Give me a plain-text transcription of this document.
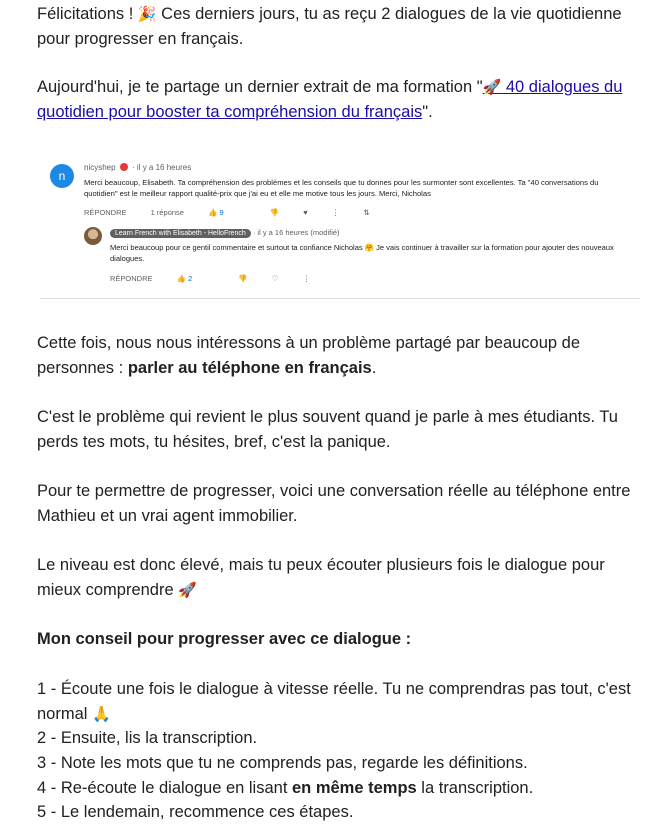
Félicitations ! 🎉 Ces derniers jours, tu as reçu 2 dialogues de la vie quotidienne pour progresser en français.

Aujourd'hui, je te partage un dernier extrait de ma formation "🚀 40 dialogues du quotidien pour booster ta compréhension du français".

n
nicyshep · il y a 16 heures
Merci beaucoup, Elisabeth. Ta compréhension des problèmes et les conseils que tu donnes pour les surmonter sont excellentes. Ta "40 conversations du quotidien" est le meilleur rapport qualité-prix que j'ai eu et elle me motive tous les jours. Merci, Nicholas
RÉPONDRE	1 réponse	👍 9	👎	♥	⋮	⇅
Learn French with Elisabeth - HelloFrench · il y a 16 heures (modifié)
Merci beaucoup pour ce gentil commentaire et surtout ta confiance Nicholas 🤗 Je vais continuer à travailler sur la formation pour ajouter des nouveaux dialogues.
RÉPONDRE	👍 2	👎	♡	⋮

Cette fois, nous nous intéressons à un problème partagé par beaucoup de personnes : parler au téléphone en français.

C'est le problème qui revient le plus souvent quand je parle à mes étudiants. Tu perds tes mots, tu hésites, bref, c'est la panique.

Pour te permettre de progresser, voici une conversation réelle au téléphone entre Mathieu et un vrai agent immobilier.

Le niveau est donc élevé, mais tu peux écouter plusieurs fois le dialogue pour mieux comprendre 🚀

Mon conseil pour progresser avec ce dialogue :

1 - Écoute une fois le dialogue à vitesse réelle. Tu ne comprendras pas tout, c'est normal 🙏

2 - Ensuite, lis la transcription.

3 - Note les mots que tu ne comprends pas, regarde les définitions.

4 - Re-écoute le dialogue en lisant en même temps la transcription.

5 - Le lendemain, recommence ces étapes.
